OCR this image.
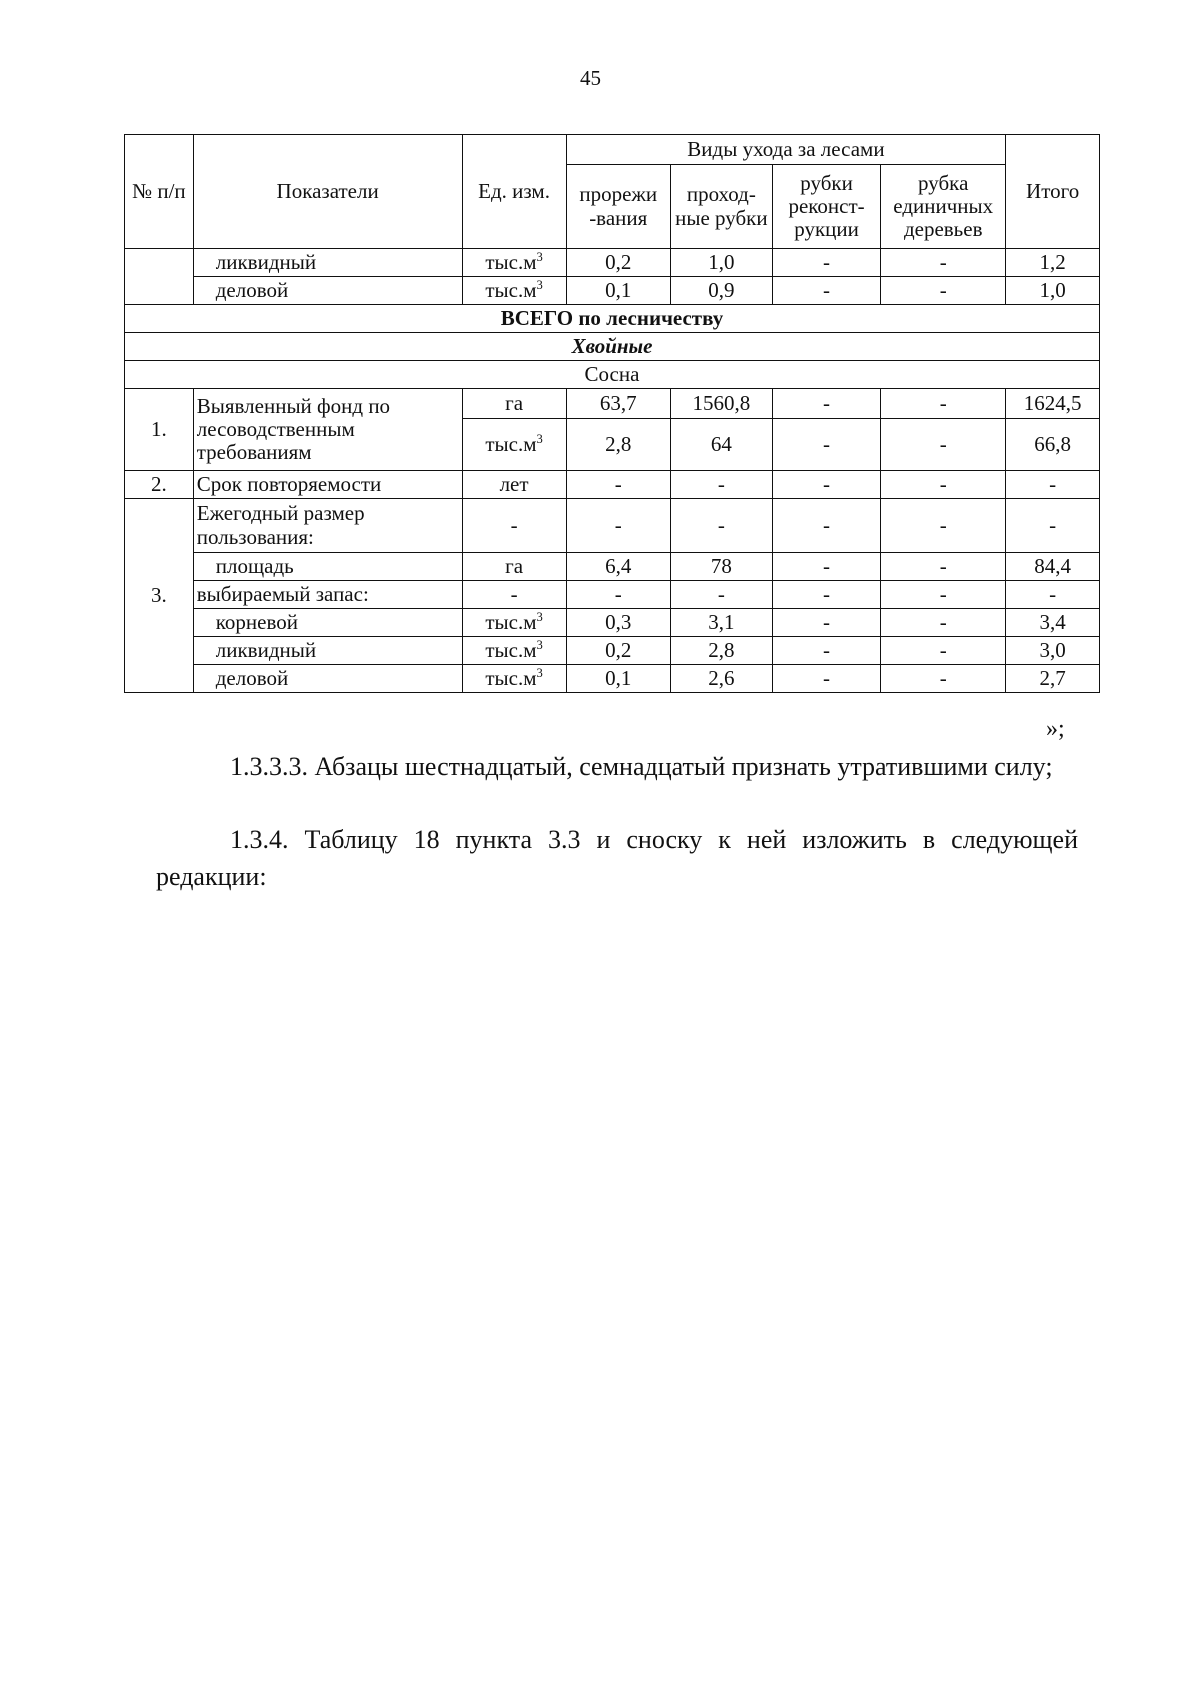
45
№ п/п	Показатели	Ед. изм.	Виды ухода за лесами				Итого
			прорежи -вания	проход- ные рубки	рубки реконст- рукции	рубка единичных деревьев	
	ликвидный	$тыс.м^3$	0,2	1,0	-	-	1,2
	деловой	$тыс.м^3$	0,1	0,9	-	-	1,0
ВСЕГО по лесничеству							
Хвойные							
Сосна							
1.	Выявленный фонд по лесоводственным требованиям	га	63,7	1560,8	-	-	1624,5
		$тыс.м^3$	2,8	64	-	-	66,8
2.	Срок повторяемости	лет	-	-	-	-	-
3.	Ежегодный размер пользования:	-	-	-	-	-	-
	площадь	га	6,4	78	-	-	84,4
	выбираемый запас:	-	-	-	-	-	-
	корневой	$тыс.м^3$	0,3	3,1	-	-	3,4
	ликвидный	$тыс.м^3$	0,2	2,8	-	-	3,0
	деловой	$тыс.м^3$	0,1	2,6	-	-	2,7
»;
1.3.3.3. Абзацы шестнадцатый, семнадцатый признать утратившими силу;
1.3.4. Таблицу 18 пункта 3.3 и сноску к ней изложить в следующей редакции:
